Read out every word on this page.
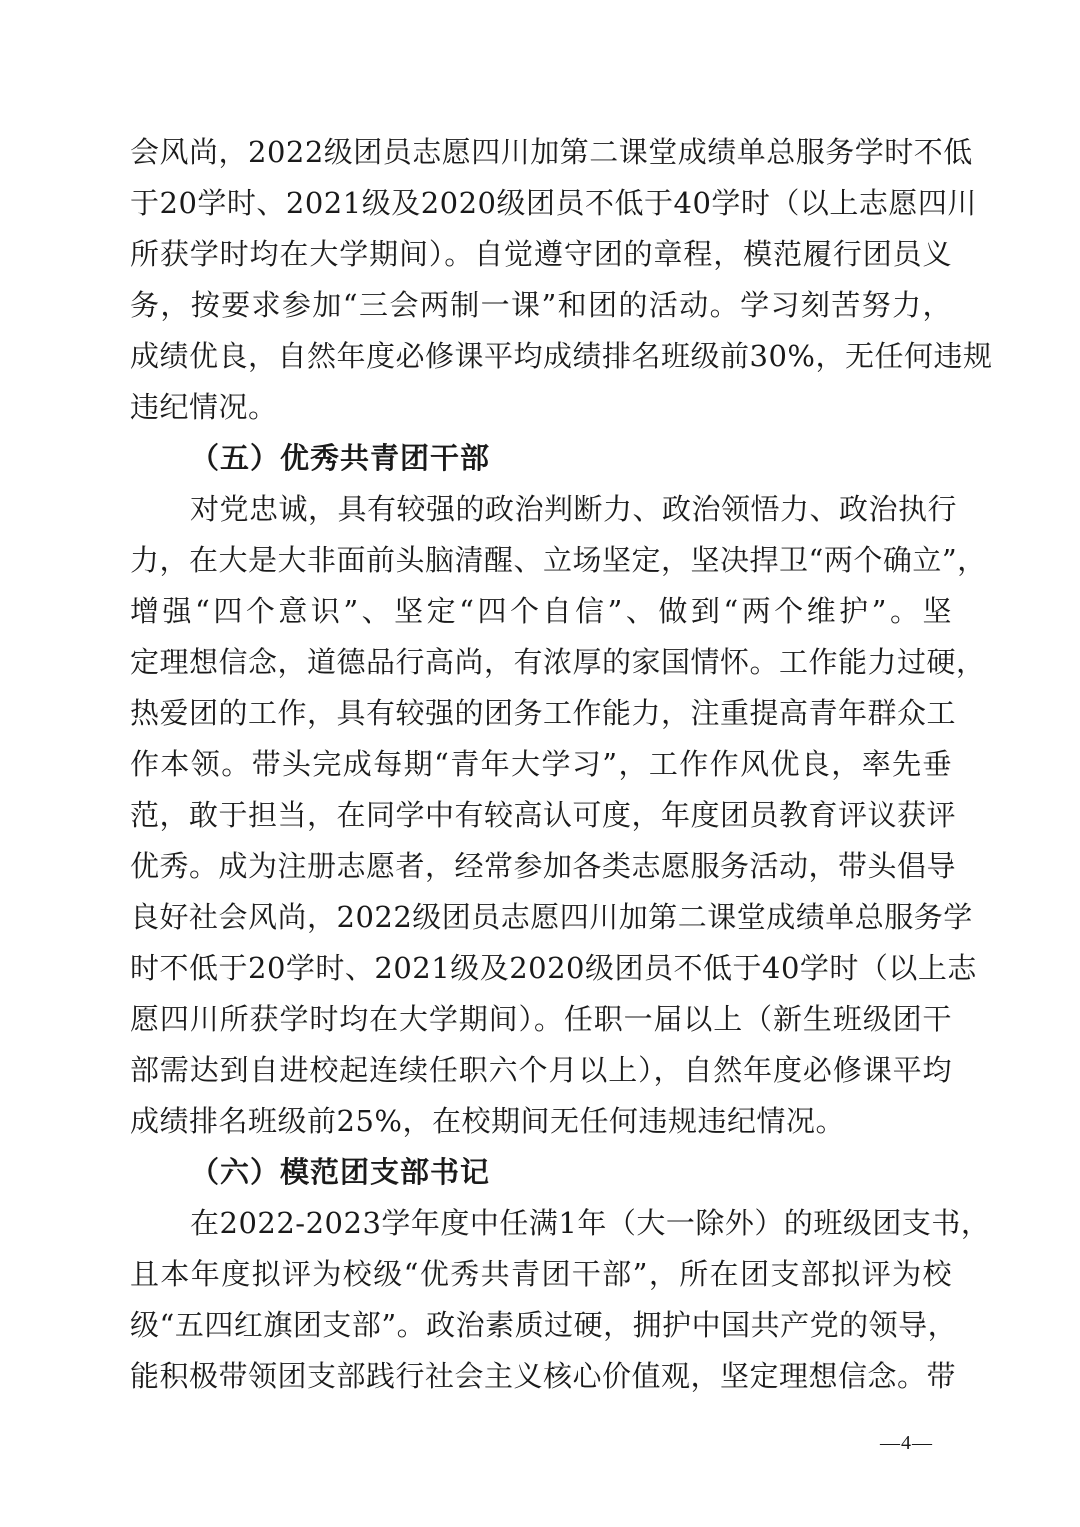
会风尚，2022级团员志愿四川加第二课堂成绩单总服务学时不低
于20学时、2021级及2020级团员不低于40学时（以上志愿四川
所获学时均在大学期间）。自觉遵守团的章程，模范履行团员义
务，按要求参加“三会两制一课”和团的活动。学习刻苦努力，
成绩优良，自然年度必修课平均成绩排名班级前30%，无任何违规
违纪情况。
（五）优秀共青团干部
对党忠诚，具有较强的政治判断力、政治领悟力、政治执行
力，在大是大非面前头脑清醒、立场坚定，坚决捍卫“两个确立”，
增强“四个意识”、坚定“四个自信”、做到“两个维护”。坚
定理想信念，道德品行高尚，有浓厚的家国情怀。工作能力过硬，
热爱团的工作，具有较强的团务工作能力，注重提高青年群众工
作本领。带头完成每期“青年大学习”，工作作风优良，率先垂
范，敢于担当，在同学中有较高认可度，年度团员教育评议获评
优秀。成为注册志愿者，经常参加各类志愿服务活动，带头倡导
良好社会风尚，2022级团员志愿四川加第二课堂成绩单总服务学
时不低于20学时、2021级及2020级团员不低于40学时（以上志
愿四川所获学时均在大学期间）。任职一届以上（新生班级团干
部需达到自进校起连续任职六个月以上），自然年度必修课平均
成绩排名班级前25%，在校期间无任何违规违纪情况。
（六）模范团支部书记
在2022-2023学年度中任满1年（大一除外）的班级团支书，
且本年度拟评为校级“优秀共青团干部”，所在团支部拟评为校
级“五四红旗团支部”。政治素质过硬，拥护中国共产党的领导，
能积极带领团支部践行社会主义核心价值观，坚定理想信念。带
—4—
